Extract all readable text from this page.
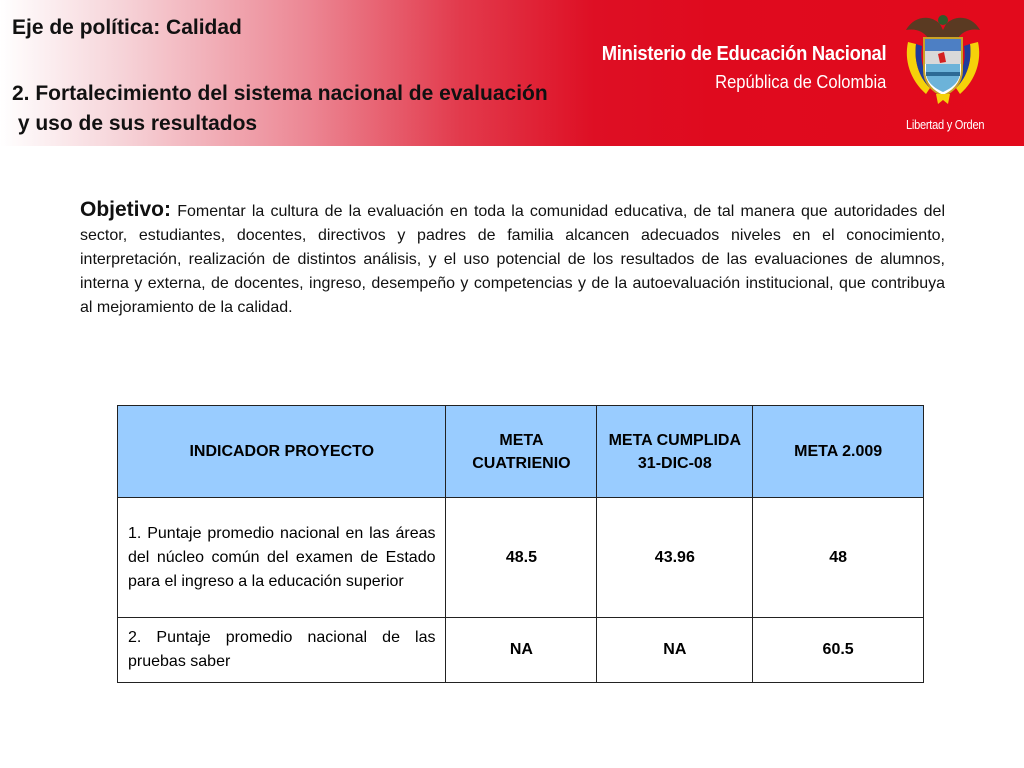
Eje de política: Calidad
2. Fortalecimiento del sistema nacional de evaluación
y uso de sus resultados
Ministerio de Educación Nacional
República de Colombia
Libertad y Orden

Objetivo: Fomentar la cultura de la evaluación en toda la comunidad educativa, de tal manera que autoridades del sector, estudiantes, docentes, directivos y padres de familia alcancen adecuados niveles en el conocimiento, interpretación, realización de distintos análisis, y el uso potencial de los resultados de las evaluaciones de alumnos, interna y externa, de docentes, ingreso, desempeño y competencias y de la autoevaluación institucional, que contribuya al mejoramiento de la calidad.

INDICADOR PROYECTO	META CUATRIENIO	META CUMPLIDA 31-DIC-08	META 2.009
1. Puntaje promedio nacional en las áreas del núcleo común del examen de Estado para el ingreso a la educación superior	48.5	43.96	48
2. Puntaje promedio nacional de las pruebas saber	NA	NA	60.5
